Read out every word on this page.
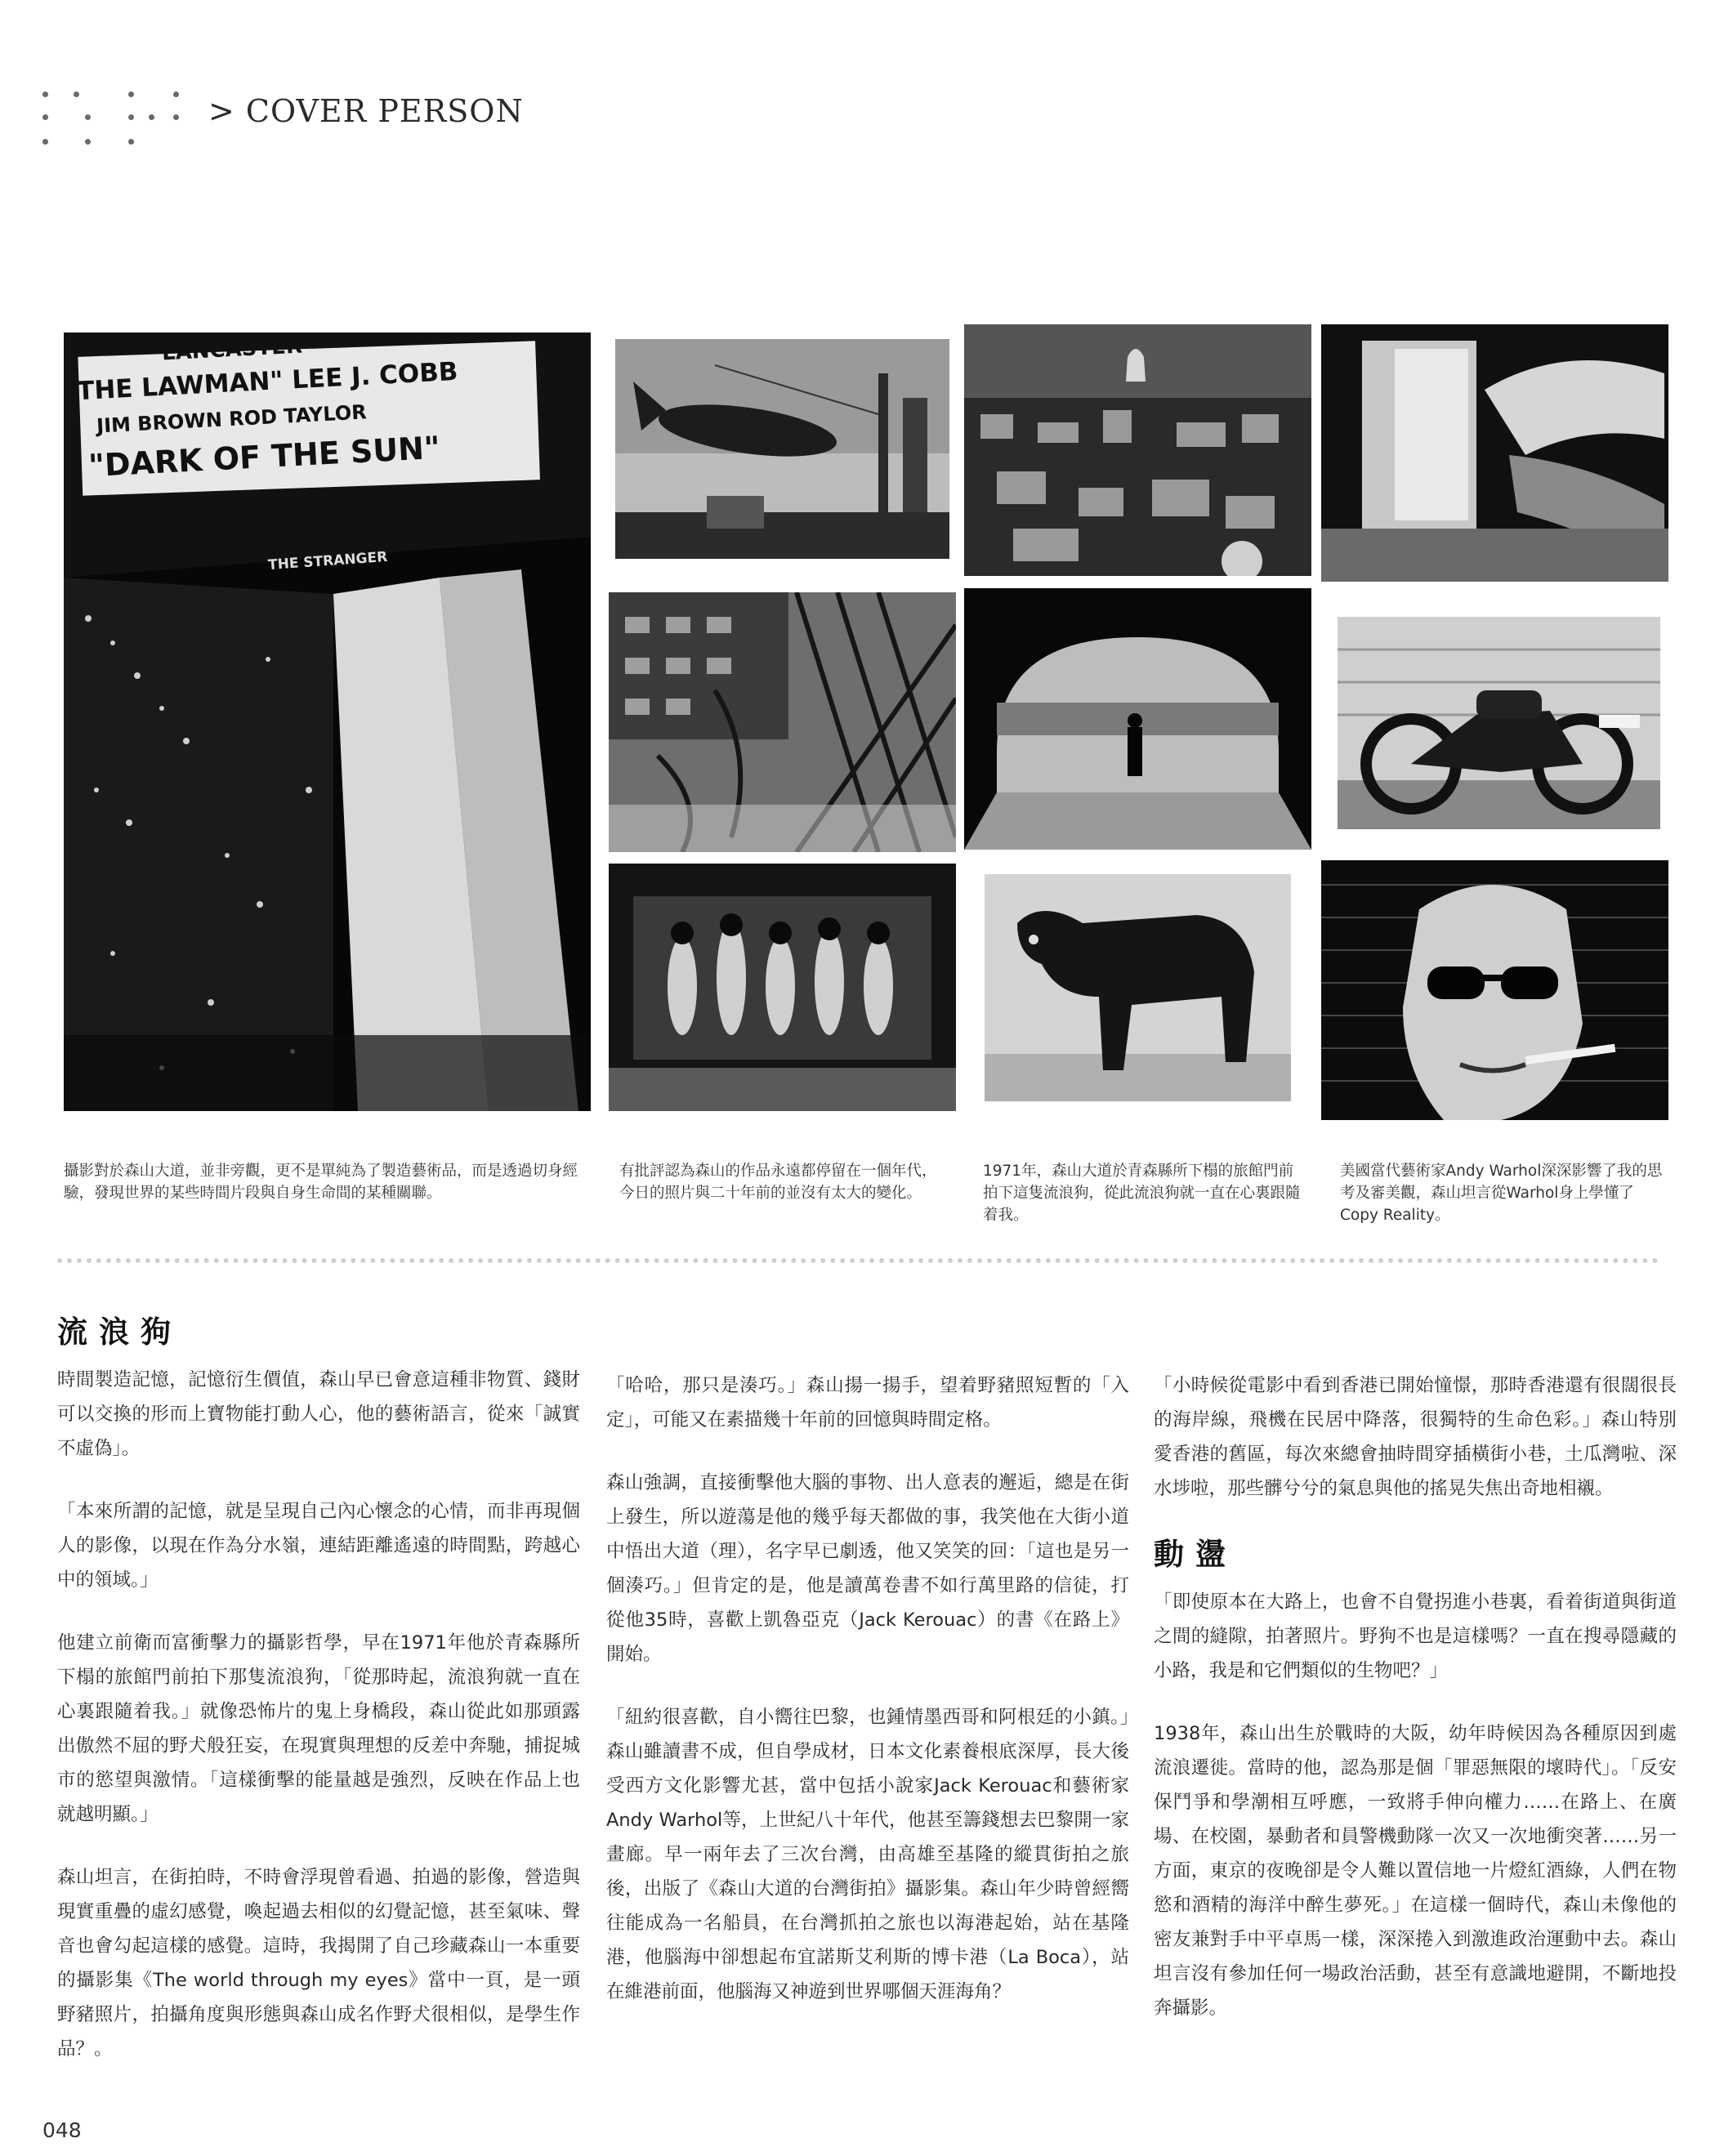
> COVER PERSON
LANCASTER
THE LAWMAN" LEE J. COBB
JIM BROWN ROD TAYLOR
"DARK OF THE SUN"
THE STRANGER

攝影對於森山大道，並非旁觀，更不是單純為了製造藝術品，而是透過切身經驗，發現世界的某些時間片段與自身生命間的某種關聯。

有批評認為森山的作品永遠都停留在一個年代，今日的照片與二十年前的並沒有太大的變化。

1971年，森山大道於青森縣所下榻的旅館門前拍下這隻流浪狗，從此流浪狗就一直在心裏跟隨着我。

美國當代藝術家Andy Warhol深深影響了我的思考及審美觀，森山坦言從Warhol身上學懂了Copy Reality。

流浪狗

時間製造記憶，記憶衍生價值，森山早已會意這種非物質、錢財可以交換的形而上寶物能打動人心，他的藝術語言，從來「誠實不虛偽」。

「本來所謂的記憶，就是呈現自己內心懷念的心情，而非再現個人的影像，以現在作為分水嶺，連結距離遙遠的時間點，跨越心中的領域。」

他建立前衛而富衝擊力的攝影哲學，早在1971年他於青森縣所下榻的旅館門前拍下那隻流浪狗，「從那時起，流浪狗就一直在心裏跟隨着我。」就像恐怖片的鬼上身橋段，森山從此如那頭露出傲然不屈的野犬般狂妄，在現實與理想的反差中奔馳，捕捉城市的慾望與激情。「這樣衝擊的能量越是強烈，反映在作品上也就越明顯。」

森山坦言，在街拍時，不時會浮現曾看過、拍過的影像，營造與現實重疊的虛幻感覺，喚起過去相似的幻覺記憶，甚至氣味、聲音也會勾起這樣的感覺。這時，我揭開了自己珍藏森山一本重要的攝影集《The world through my eyes》當中一頁，是一頭野豬照片，拍攝角度與形態與森山成名作野犬很相似，是學生作品？。

「哈哈，那只是湊巧。」森山揚一揚手，望着野豬照短暫的「入定」，可能又在素描幾十年前的回憶與時間定格。

森山強調，直接衝擊他大腦的事物、出人意表的邂逅，總是在街上發生，所以遊蕩是他的幾乎每天都做的事，我笑他在大街小道中悟出大道（理），名字早已劇透，他又笑笑的回：「這也是另一個湊巧。」但肯定的是，他是讀萬卷書不如行萬里路的信徒，打從他35時，喜歡上凱魯亞克（Jack Kerouac）的書《在路上》開始。

「紐約很喜歡，自小嚮往巴黎，也鍾情墨西哥和阿根廷的小鎮。」森山雖讀書不成，但自學成材，日本文化素養根底深厚，長大後受西方文化影響尤甚，當中包括小說家Jack Kerouac和藝術家Andy Warhol等，上世紀八十年代，他甚至籌錢想去巴黎開一家畫廊。早一兩年去了三次台灣，由高雄至基隆的縱貫街拍之旅後，出版了《森山大道的台灣街拍》攝影集。森山年少時曾經嚮往能成為一名船員，在台灣抓拍之旅也以海港起始，站在基隆港，他腦海中卻想起布宜諾斯艾利斯的博卡港（La Boca），站在維港前面，他腦海又神遊到世界哪個天涯海角？

「小時候從電影中看到香港已開始憧憬，那時香港還有很闊很長的海岸線，飛機在民居中降落，很獨特的生命色彩。」森山特別愛香港的舊區，每次來總會抽時間穿插橫街小巷，土瓜灣啦、深水埗啦，那些髒兮兮的氣息與他的搖晃失焦出奇地相襯。

動盪

「即使原本在大路上，也會不自覺拐進小巷裏，看着街道與街道之間的縫隙，拍著照片。野狗不也是這樣嗎？一直在搜尋隱藏的小路，我是和它們類似的生物吧？」

1938年，森山出生於戰時的大阪，幼年時候因為各種原因到處流浪遷徙。當時的他，認為那是個「罪惡無限的壞時代」。「反安保鬥爭和學潮相互呼應，一致將手伸向權力……在路上、在廣場、在校園，暴動者和員警機動隊一次又一次地衝突著……另一方面，東京的夜晚卻是令人難以置信地一片燈紅酒綠，人們在物慾和酒精的海洋中醉生夢死。」在這樣一個時代，森山未像他的密友兼對手中平卓馬一樣，深深捲入到激進政治運動中去。森山坦言沒有參加任何一場政治活動，甚至有意識地避開，不斷地投奔攝影。

048
